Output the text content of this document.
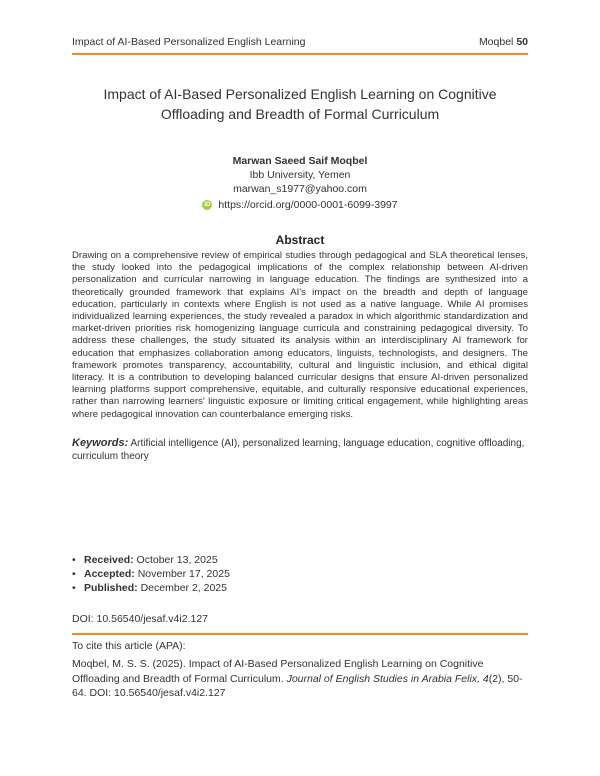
Impact of AI-Based Personalized English Learning	Moqbel 50
Impact of AI-Based Personalized English Learning on Cognitive Offloading and Breadth of Formal Curriculum
Marwan Saeed Saif Moqbel
Ibb University, Yemen
marwan_s1977@yahoo.com
iD https://orcid.org/0000-0001-6099-3997
Abstract
Drawing on a comprehensive review of empirical studies through pedagogical and SLA theoretical lenses, the study looked into the pedagogical implications of the complex relationship between AI-driven personalization and curricular narrowing in language education. The findings are synthesized into a theoretically grounded framework that explains AI's impact on the breadth and depth of language education, particularly in contexts where English is not used as a native language. While AI promises individualized learning experiences, the study revealed a paradox in which algorithmic standardization and market-driven priorities risk homogenizing language curricula and constraining pedagogical diversity. To address these challenges, the study situated its analysis within an interdisciplinary AI framework for education that emphasizes collaboration among educators, linguists, technologists, and designers. The framework promotes transparency, accountability, cultural and linguistic inclusion, and ethical digital literacy. It is a contribution to developing balanced curricular designs that ensure AI-driven personalized learning platforms support comprehensive, equitable, and culturally responsive educational experiences, rather than narrowing learners' linguistic exposure or limiting critical engagement, while highlighting areas where pedagogical innovation can counterbalance emerging risks.
Keywords: Artificial intelligence (AI), personalized learning, language education, cognitive offloading, curriculum theory
• Received: October 13, 2025
• Accepted: November 17, 2025
• Published: December 2, 2025
DOI: 10.56540/jesaf.v4i2.127
To cite this article (APA):
Moqbel, M. S. S. (2025). Impact of AI-Based Personalized English Learning on Cognitive Offloading and Breadth of Formal Curriculum. Journal of English Studies in Arabia Felix, 4(2), 50-64. DOI: 10.56540/jesaf.v4i2.127
